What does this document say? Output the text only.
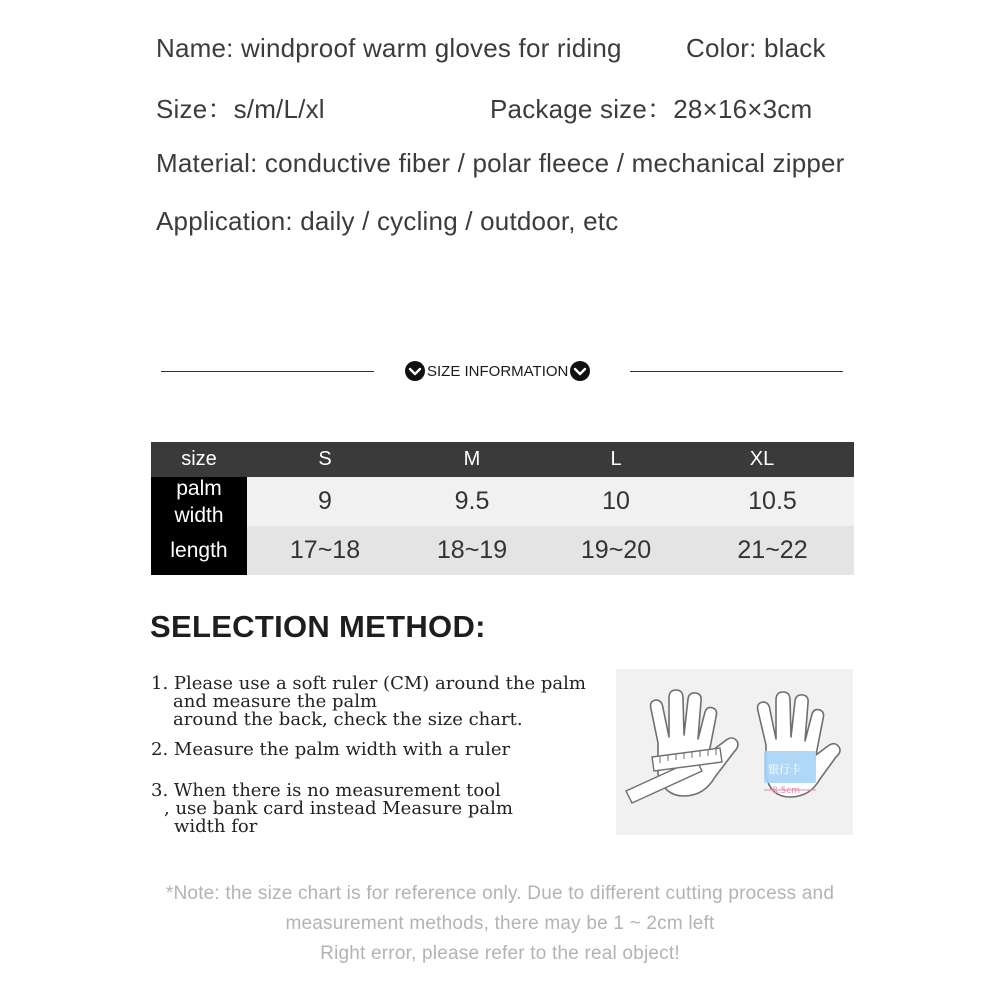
Name: windproof warm gloves for riding Color: black
Size：s/m/L/xl	Package size：28×16×3cm
Material: conductive fiber / polar fleece / mechanical zipper
Application: daily / cycling / outdoor, etc
SIZE INFORMATION
size	S	M	L	XL
palm
width	9	9.5	10	10.5
length	17~18	18~19	19~20	21~22
SELECTION METHOD:
1. Please use a soft ruler (CM) around the palm
and measure the palm
around the back, check the size chart.
2. Measure the palm width with a ruler
3. When there is no measurement tool
, use bank card instead Measure palm
width for
银行卡
8.5cm
*Note: the size chart is for reference only. Due to different cutting process and
measurement methods, there may be 1 ~ 2cm left
Right error, please refer to the real object!
